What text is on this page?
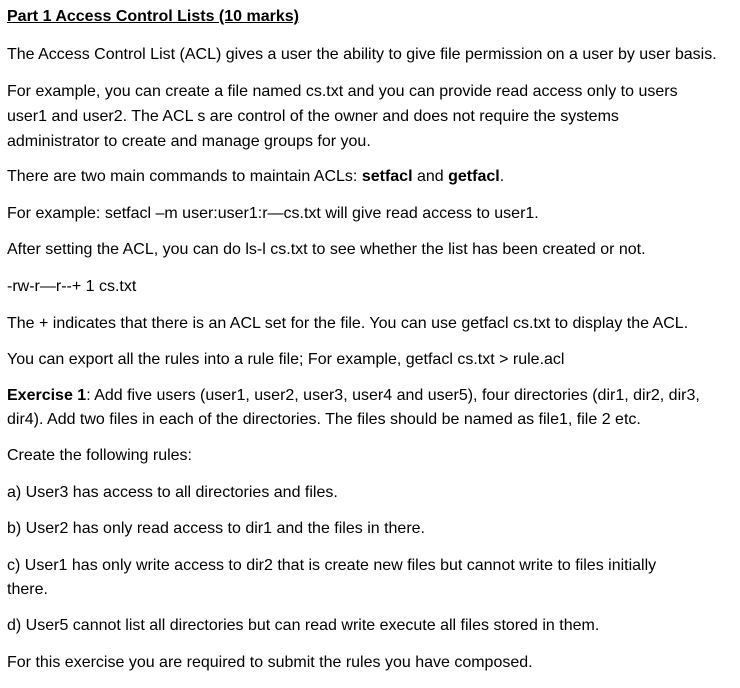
Part 1 Access Control Lists (10 marks)

The Access Control List (ACL) gives a user the ability to give file permission on a user by user basis.

For example, you can create a file named cs.txt and you can provide read access only to users

user1 and user2. The ACL s are control of the owner and does not require the systems

administrator to create and manage groups for you.

There are two main commands to maintain ACLs: setfacl and getfacl.

For example: setfacl –m user:user1:r—cs.txt will give read access to user1.

After setting the ACL, you can do ls-l cs.txt to see whether the list has been created or not.

-rw-r—r--+ 1 cs.txt

The + indicates that there is an ACL set for the file. You can use getfacl cs.txt to display the ACL.

You can export all the rules into a rule file; For example, getfacl cs.txt > rule.acl

Exercise 1: Add five users (user1, user2, user3, user4 and user5), four directories (dir1, dir2, dir3,

dir4). Add two files in each of the directories. The files should be named as file1, file 2 etc.

Create the following rules:

a) User3 has access to all directories and files.

b) User2 has only read access to dir1 and the files in there.

c) User1 has only write access to dir2 that is create new files but cannot write to files initially

there.

d) User5 cannot list all directories but can read write execute all files stored in them.

For this exercise you are required to submit the rules you have composed.
